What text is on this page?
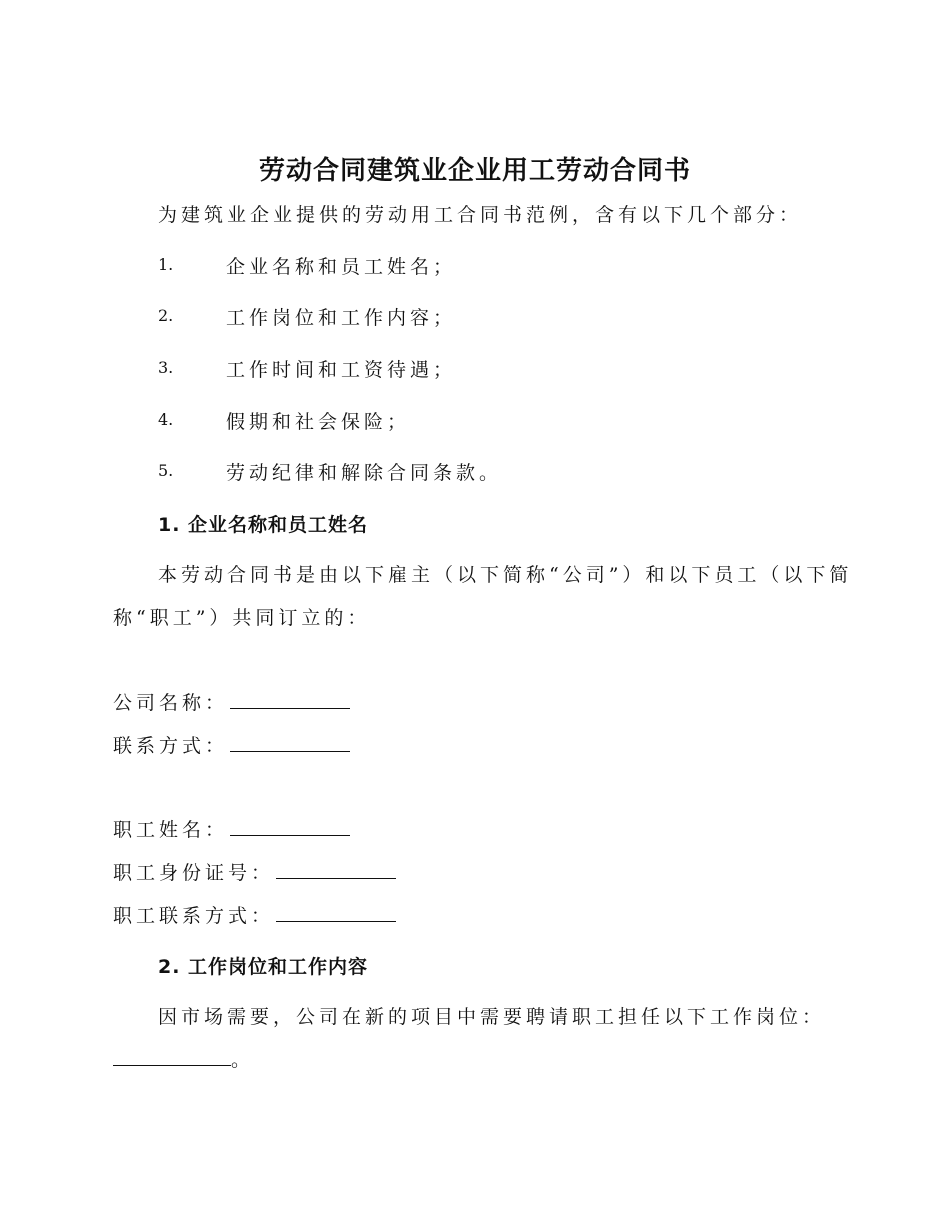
劳动合同建筑业企业用工劳动合同书
为建筑业企业提供的劳动用工合同书范例，含有以下几个部分：
1.	企业名称和员工姓名；
2.	工作岗位和工作内容；
3.	工作时间和工资待遇；
4.	假期和社会保险；
5.	劳动纪律和解除合同条款。
1. 企业名称和员工姓名
本劳动合同书是由以下雇主（以下简称“公司”）和以下员工（以下简
称“职工”）共同订立的：
公司名称：
联系方式：
职工姓名：
职工身份证号：
职工联系方式：
2. 工作岗位和工作内容
因市场需要，公司在新的项目中需要聘请职工担任以下工作岗位：
。
